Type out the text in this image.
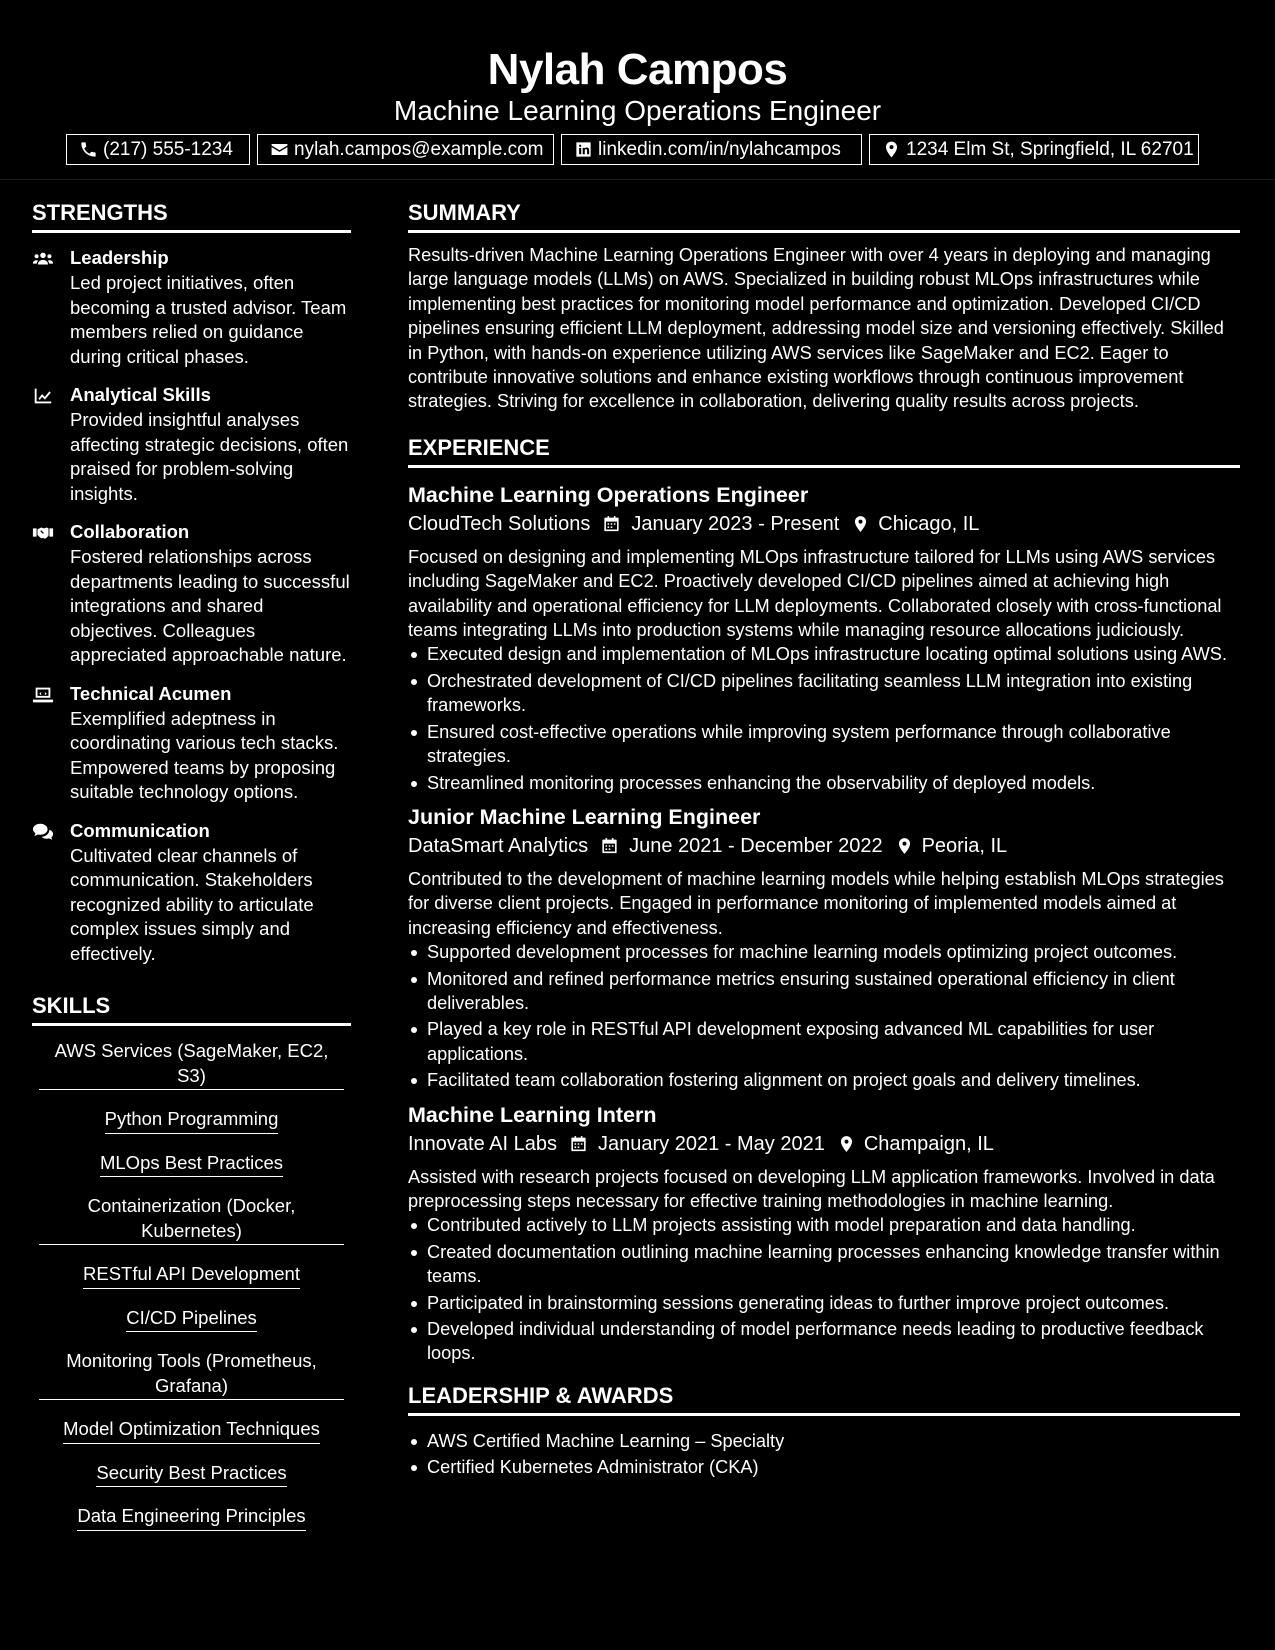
Nylah Campos
Machine Learning Operations Engineer
(217) 555-1234	nylah.campos@example.com	linkedin.com/in/nylahcampos	1234 Elm St, Springfield, IL 62701
STRENGTHS
Leadership
Led project initiatives, often becoming a trusted advisor. Team members relied on guidance during critical phases.
Analytical Skills
Provided insightful analyses affecting strategic decisions, often praised for problem-solving insights.
Collaboration
Fostered relationships across departments leading to successful integrations and shared objectives. Colleagues appreciated approachable nature.
Technical Acumen
Exemplified adeptness in coordinating various tech stacks. Empowered teams by proposing suitable technology options.
Communication
Cultivated clear channels of communication. Stakeholders recognized ability to articulate complex issues simply and effectively.
SKILLS
AWS Services (SageMaker, EC2, S3)
Python Programming
MLOps Best Practices
Containerization (Docker, Kubernetes)
RESTful API Development
CI/CD Pipelines
Monitoring Tools (Prometheus, Grafana)
Model Optimization Techniques
Security Best Practices
Data Engineering Principles
SUMMARY
Results-driven Machine Learning Operations Engineer with over 4 years in deploying and managing large language models (LLMs) on AWS. Specialized in building robust MLOps infrastructures while implementing best practices for monitoring model performance and optimization. Developed CI/CD pipelines ensuring efficient LLM deployment, addressing model size and versioning effectively. Skilled in Python, with hands-on experience utilizing AWS services like SageMaker and EC2. Eager to contribute innovative solutions and enhance existing workflows through continuous improvement strategies. Striving for excellence in collaboration, delivering quality results across projects.
EXPERIENCE
Machine Learning Operations Engineer
CloudTech Solutions January 2023 - Present Chicago, IL
Focused on designing and implementing MLOps infrastructure tailored for LLMs using AWS services including SageMaker and EC2. Proactively developed CI/CD pipelines aimed at achieving high availability and operational efficiency for LLM deployments. Collaborated closely with cross-functional teams integrating LLMs into production systems while managing resource allocations judiciously.
Executed design and implementation of MLOps infrastructure locating optimal solutions using AWS.
Orchestrated development of CI/CD pipelines facilitating seamless LLM integration into existing frameworks.
Ensured cost-effective operations while improving system performance through collaborative strategies.
Streamlined monitoring processes enhancing the observability of deployed models.
Junior Machine Learning Engineer
DataSmart Analytics June 2021 - December 2022 Peoria, IL
Contributed to the development of machine learning models while helping establish MLOps strategies for diverse client projects. Engaged in performance monitoring of implemented models aimed at increasing efficiency and effectiveness.
Supported development processes for machine learning models optimizing project outcomes.
Monitored and refined performance metrics ensuring sustained operational efficiency in client deliverables.
Played a key role in RESTful API development exposing advanced ML capabilities for user applications.
Facilitated team collaboration fostering alignment on project goals and delivery timelines.
Machine Learning Intern
Innovate AI Labs January 2021 - May 2021 Champaign, IL
Assisted with research projects focused on developing LLM application frameworks. Involved in data preprocessing steps necessary for effective training methodologies in machine learning.
Contributed actively to LLM projects assisting with model preparation and data handling.
Created documentation outlining machine learning processes enhancing knowledge transfer within teams.
Participated in brainstorming sessions generating ideas to further improve project outcomes.
Developed individual understanding of model performance needs leading to productive feedback loops.
LEADERSHIP & AWARDS
AWS Certified Machine Learning – Specialty
Certified Kubernetes Administrator (CKA)
